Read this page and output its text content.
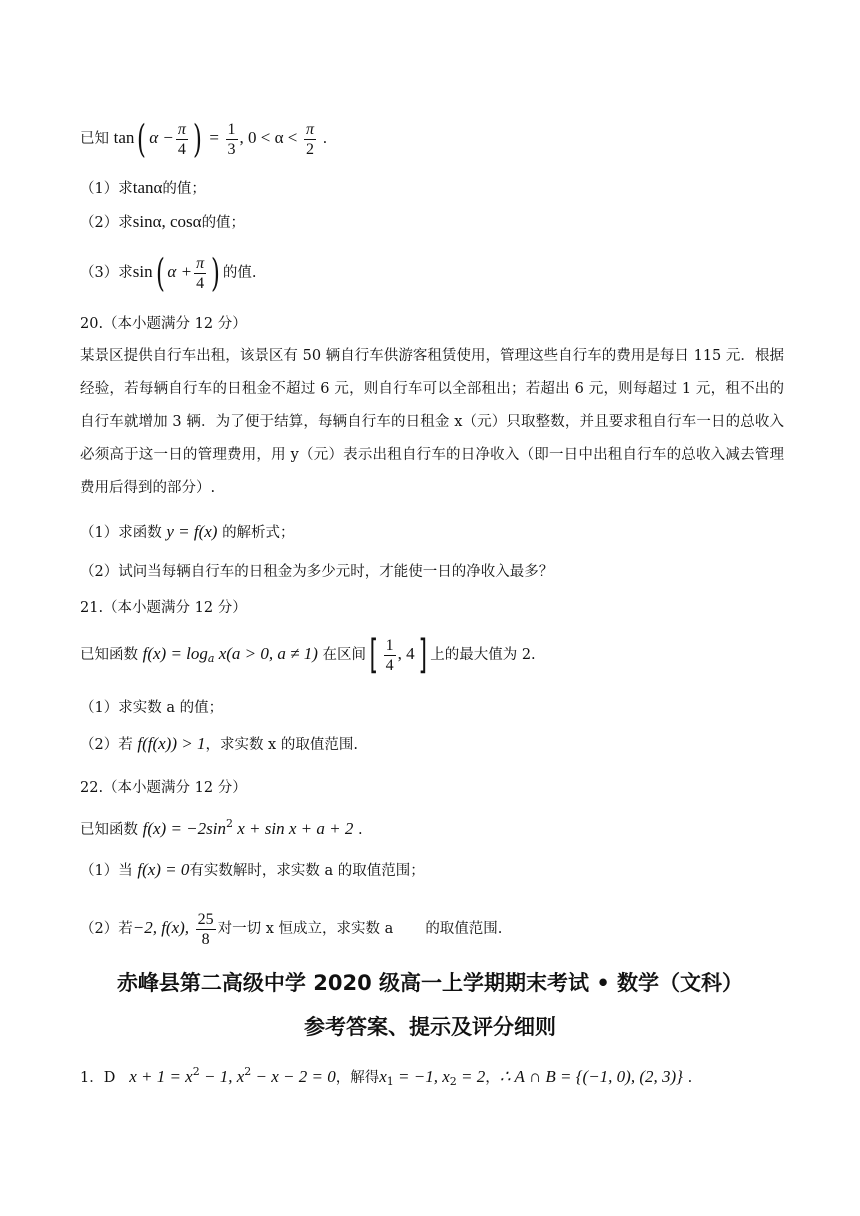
已知 tan( $\alpha - \frac{\pi}{4}$ ) = $\frac{1}{3}$ , $0 < \alpha < \frac{\pi}{2}$ .
（1）求tanα的值；
（2）求sinα, cosα的值；
（3）求sin( $\alpha + \frac{\pi}{4}$ ) 的值.
20.（本小题满分 12 分）
某景区提供自行车出租，该景区有 50 辆自行车供游客租赁使用，管理这些自行车的费用是每日 115 元．根据经验，若每辆自行车的日租金不超过 6 元，则自行车可以全部租出；若超出 6 元，则每超过 1 元，租不出的自行车就增加 3 辆．为了便于结算，每辆自行车的日租金 x（元）只取整数，并且要求租自行车一日的总收入必须高于这一日的管理费用，用 y（元）表示出租自行车的日净收入（即一日中出租自行车的总收入减去管理费用后得到的部分）.
（1）求函数 y = f(x) 的解析式；
（2）试问当每辆自行车的日租金为多少元时，才能使一日的净收入最多？
21.（本小题满分 12 分）
已知函数 $f(x) = \log_a x(a > 0$, a ≠ 1) 在区间[ $\frac{1}{4}$ , 4] 上的最大值为 2.
（1）求实数 a 的值；
（2）若 f(f(x)) > 1，求实数 x 的取值范围.
22.（本小题满分 12 分）
已知函数 $f(x) = -2\sin^2$ x + sin x + a + 2 .
（1）当 f(x) = 0有实数解时，求实数 a 的取值范围；
（2）若−2, f(x), $\frac{25}{8}$ 对一切 x 恒成立，求实数 a 的取值范围.
赤峰县第二高级中学 2020 级高一上学期期末考试 • 数学（文科）
参考答案、提示及评分细则
1．D $x + 1 = x^2 - 1$, $x^2 - x - 2 = 0$，解得$x_1 = -1$, $x_2 = 2$，∴ A ∩ B = {(−1, 0), (2, 3)} .
